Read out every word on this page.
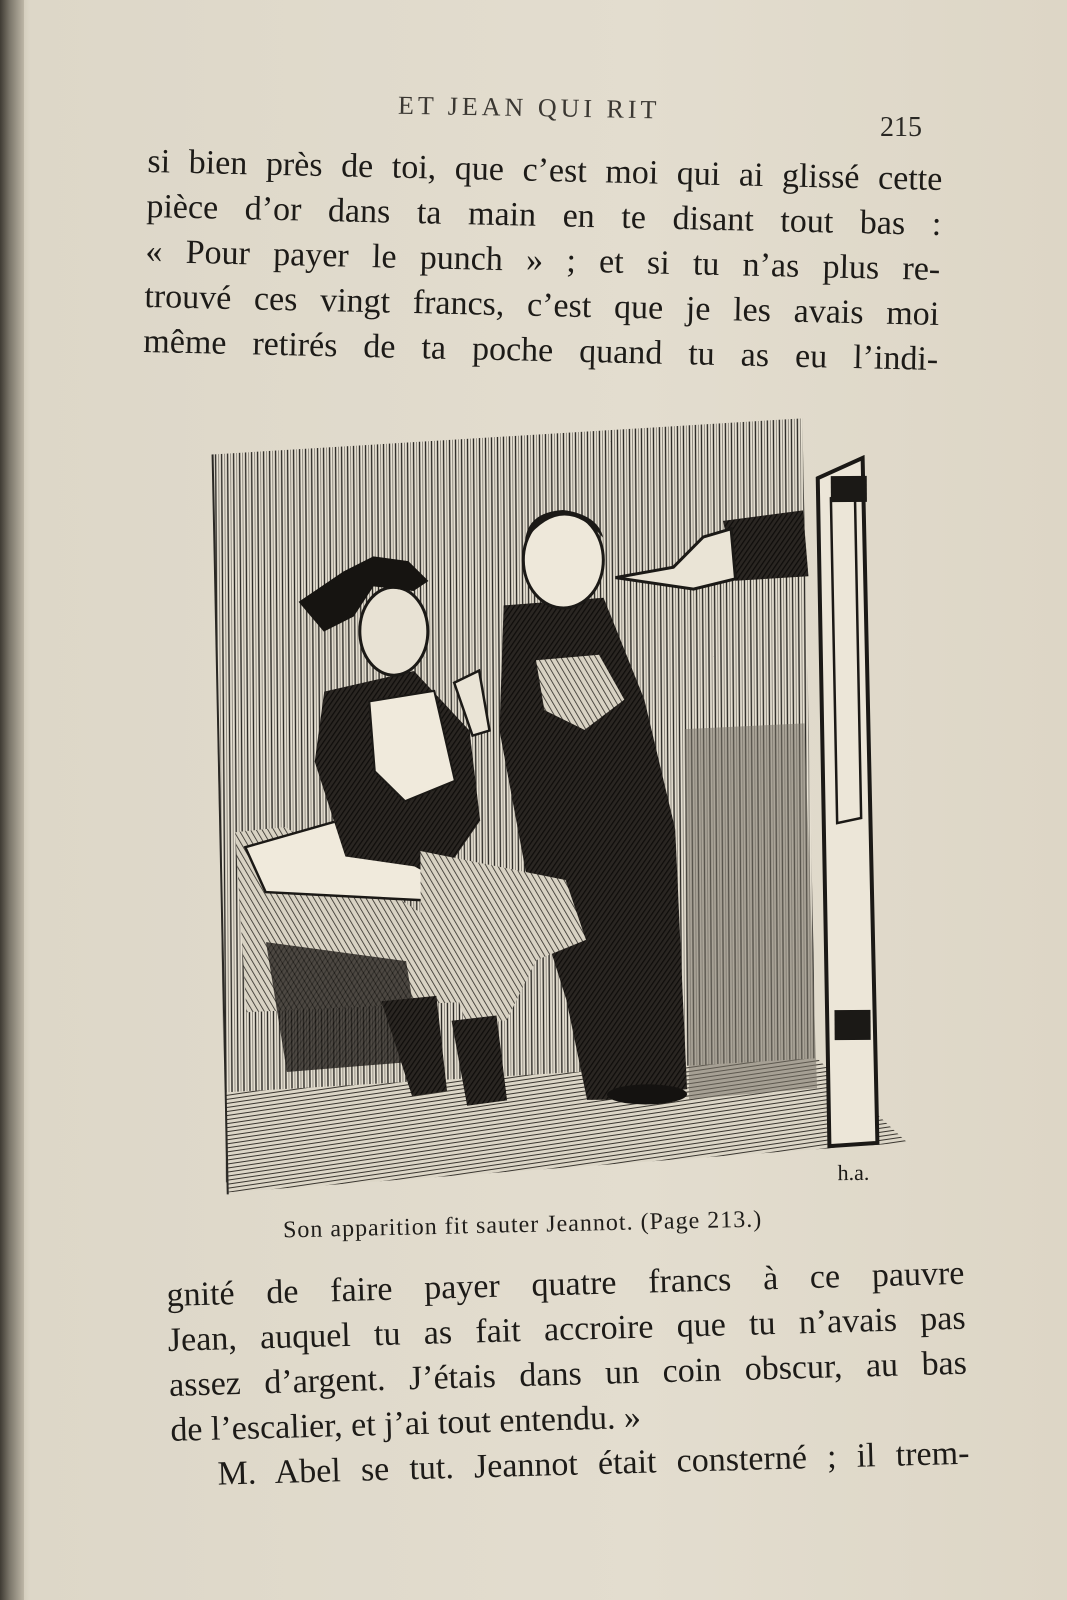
ET JEAN QUI RIT
215
si bien près de toi, que c’est moi qui ai glissé cette
pièce d’or dans ta main en te disant tout bas :
« Pour payer le punch » ; et si tu n’as plus re-
trouvé ces vingt francs, c’est que je les avais moi
même retirés de ta poche quand tu as eu l’indi-
h.a.
Son apparition fit sauter Jeannot. (Page 213.)
gnité de faire payer quatre francs à ce pauvre
Jean, auquel tu as fait accroire que tu n’avais pas
assez d’argent. J’étais dans un coin obscur, au bas
de l’escalier, et j’ai tout entendu. »
M. Abel se tut. Jeannot était consterné ; il trem-
